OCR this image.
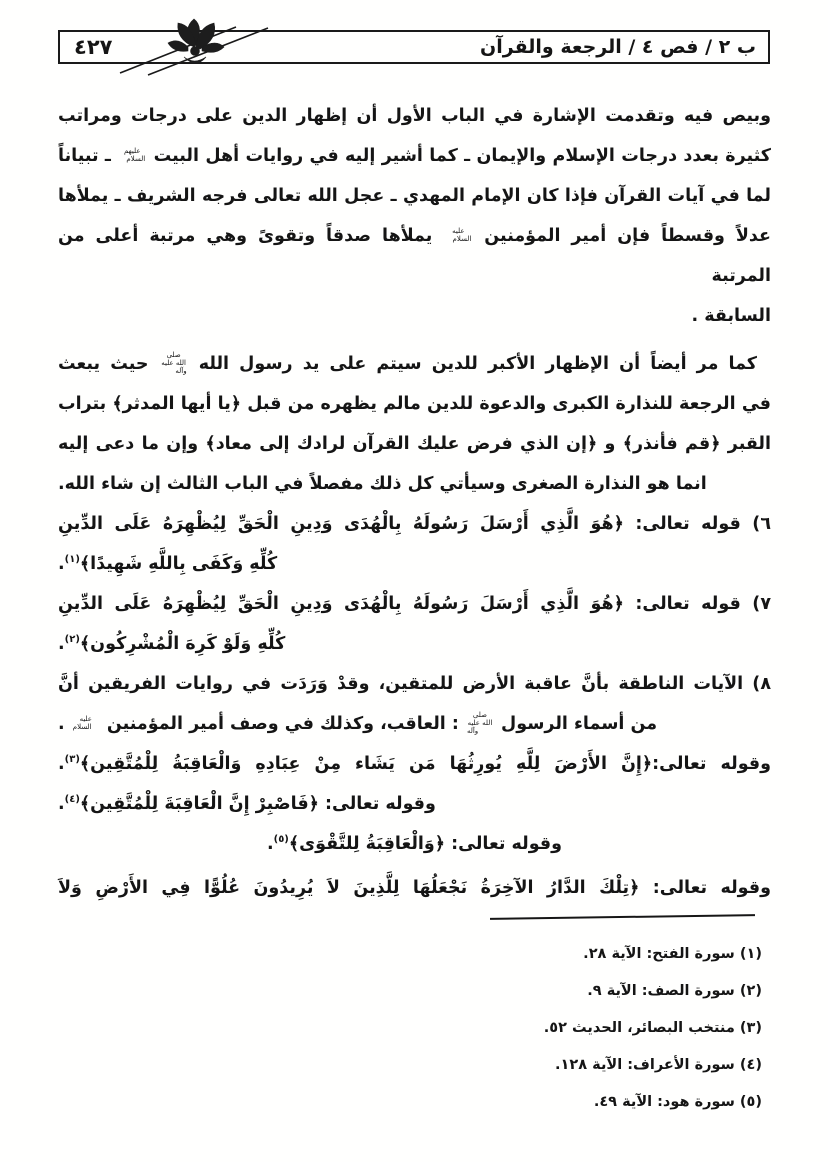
ب ٢ / فص ٤ / الرجعة والقرآن
٤٢٧
وبيص فيه وتقدمت الإشارة في الباب الأول أن إظهار الدين على درجات ومراتب
كثيرة بعدد درجات الإسلام والإيمان ـ كما أشير إليه في روايات أهل البيت عليهم السلام ـ تبياناً
لما في آيات القرآن فإذا كان الإمام المهدي ـ عجل الله تعالى فرجه الشريف ـ يملأها
عدلاً وقسطاً فإن أمير المؤمنين عليه السلام يملأها صدقاً وتقوىً وهي مرتبة أعلى من المرتبة
السابقة .
كما مر أيضاً أن الإظهار الأكبر للدين سيتم على يد رسول الله صلى الله عليه وآله حيث يبعث
في الرجعة للنذارة الكبرى والدعوة للدين مالم يظهره من قبل ﴿يا أيها المدثر﴾ بتراب
القبر ﴿قم فأنذر﴾ و ﴿إن الذي فرض عليك القرآن لرادك إلى معاد﴾ وإن ما دعى إليه
انما هو النذارة الصغرى وسيأتي كل ذلك مفصلاً في الباب الثالث إن شاء الله.
٦) قوله تعالى: ﴿هُوَ الَّذِي أَرْسَلَ رَسُولَهُ بِالْهُدَى وَدِينِ الْحَقِّ لِيُظْهِرَهُ عَلَى الدِّينِ
كُلِّهِ وَكَفَى بِاللَّهِ شَهِيدًا﴾$^{(١)}$.
٧) قوله تعالى: ﴿هُوَ الَّذِي أَرْسَلَ رَسُولَهُ بِالْهُدَى وَدِينِ الْحَقِّ لِيُظْهِرَهُ عَلَى الدِّينِ
كُلِّهِ وَلَوْ كَرِهَ الْمُشْرِكُون﴾$^{(٢)}$.
٨) الآيات الناطقة بأنَّ عاقبة الأرض للمتقين، وقدْ وَرَدَت في روايات الفريقين أنَّ
من أسماء الرسول صلى الله عليه وآله : العاقب، وكذلك في وصف أمير المؤمنين عليه السلام .
وقوله تعالى:﴿إِنَّ الأَرْضَ لِلَّهِ يُورِثُهَا مَن يَشَاء مِنْ عِبَادِهِ وَالْعَاقِبَةُ لِلْمُتَّقِين﴾$^{(٣)}$.
وقوله تعالى: ﴿فَاصْبِرْ إِنَّ الْعَاقِبَةَ لِلْمُتَّقِين﴾$^{(٤)}$.
وقوله تعالى: ﴿وَالْعَاقِبَةُ لِلتَّقْوَى﴾$^{(٥)}$.
وقوله تعالى: ﴿تِلْكَ الدَّارُ الآخِرَةُ نَجْعَلُهَا لِلَّذِينَ لاَ يُرِيدُونَ عُلُوًّا فِي الأَرْضِ وَلاَ
(١) سورة الفتح: الآية ٢٨.
(٢) سورة الصف: الآية ٩.
(٣) منتخب البصائر، الحديث ٥٢.
(٤) سورة الأعراف: الآية ١٢٨.
(٥) سورة هود: الآية ٤٩.
